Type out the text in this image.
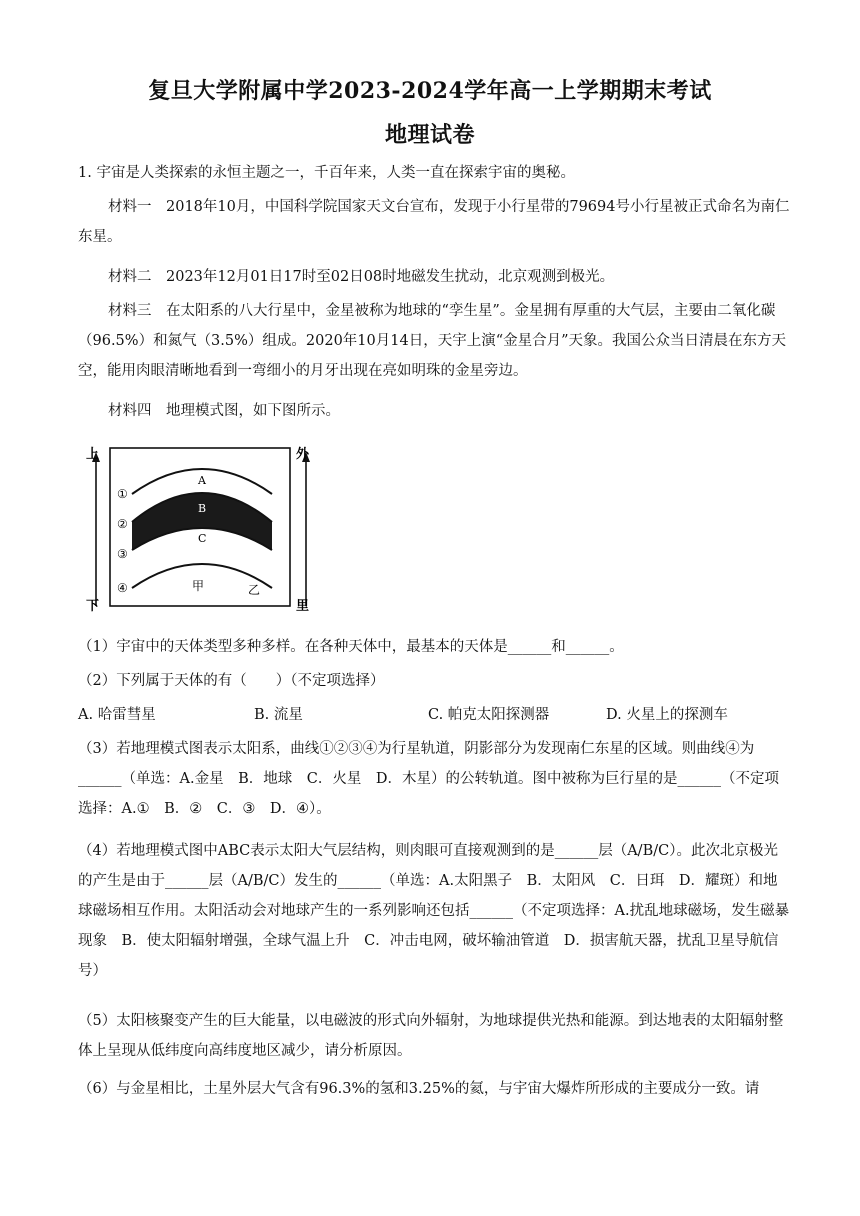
复旦大学附属中学2023-2024学年高一上学期期末考试
地理试卷
1. 宇宙是人类探索的永恒主题之一，千百年来，人类一直在探索宇宙的奥秘。
材料一　2018年10月，中国科学院国家天文台宣布，发现于小行星带的79694号小行星被正式命名为南仁东星。
材料二　2023年12月01日17时至02日08时地磁发生扰动，北京观测到极光。
材料三　在太阳系的八大行星中，金星被称为地球的“孪生星”。金星拥有厚重的大气层，主要由二氧化碳（96.5%）和氮气（3.5%）组成。2020年10月14日，天宇上演“金星合月”天象。我国公众当日清晨在东方天空，能用肉眼清晰地看到一弯细小的月牙出现在亮如明珠的金星旁边。
材料四　地理模式图，如下图所示。
上
下
外
里
①
②
③
④
A
B
C
甲	乙
（1）宇宙中的天体类型多种多样。在各种天体中，最基本的天体是______和______。
（2）下列属于天体的有（　　）（不定项选择）
A. 哈雷彗星	B. 流星	C. 帕克太阳探测器	D. 火星上的探测车
（3）若地理模式图表示太阳系，曲线①②③④为行星轨道，阴影部分为发现南仁东星的区域。则曲线④为______（单选：A.金星　B．地球　C．火星　D．木星）的公转轨道。图中被称为巨行星的是______（不定项选择：A.①　B．②　C．③　D．④）。
（4）若地理模式图中ABC表示太阳大气层结构，则肉眼可直接观测到的是______层（A/B/C）。此次北京极光的产生是由于______层（A/B/C）发生的______（单选：A.太阳黑子　B．太阳风　C．日珥　D．耀斑）和地球磁场相互作用。太阳活动会对地球产生的一系列影响还包括______（不定项选择：A.扰乱地球磁场，发生磁暴现象　B．使太阳辐射增强，全球气温上升　C．冲击电网，破坏输油管道　D．损害航天器，扰乱卫星导航信号）
（5）太阳核聚变产生的巨大能量，以电磁波的形式向外辐射，为地球提供光热和能源。到达地表的太阳辐射整体上呈现从低纬度向高纬度地区减少，请分析原因。
（6）与金星相比，土星外层大气含有96.3%的氢和3.25%的氦，与宇宙大爆炸所形成的主要成分一致。请
